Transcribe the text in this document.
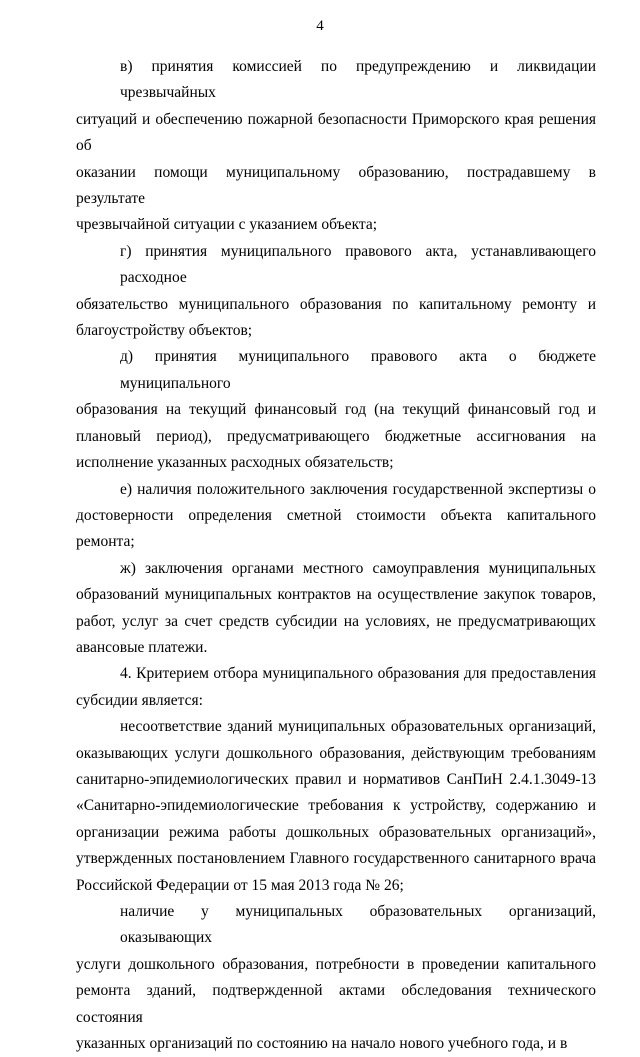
4

в) принятия комиссией по предупреждению и ликвидации чрезвычайных
ситуаций и обеспечению пожарной безопасности Приморского края решения об
оказании помощи муниципальному образованию, пострадавшему в результате
чрезвычайной ситуации с указанием объекта;

г) принятия муниципального правового акта, устанавливающего расходное
обязательство муниципального образования по капитальному ремонту и
благоустройству объектов;

д) принятия муниципального правового акта о бюджете муниципального
образования на текущий финансовый год (на текущий финансовый год и
плановый период), предусматривающего бюджетные ассигнования на
исполнение указанных расходных обязательств;

е) наличия положительного заключения государственной экспертизы о
достоверности определения сметной стоимости объекта капитального ремонта;

ж) заключения органами местного самоуправления муниципальных
образований муниципальных контрактов на осуществление закупок товаров,
работ, услуг за счет средств субсидии на условиях, не предусматривающих
авансовые платежи.

4. Критерием отбора муниципального образования для предоставления
субсидии является:

несоответствие зданий муниципальных образовательных организаций,
оказывающих услуги дошкольного образования, действующим требованиям
санитарно-эпидемиологических правил и нормативов СанПиН 2.4.1.3049-13
«Санитарно-эпидемиологические требования к устройству, содержанию и
организации режима работы дошкольных образовательных организаций»,
утвержденных постановлением Главного государственного санитарного врача
Российской Федерации от 15 мая 2013 года № 26;

наличие у муниципальных образовательных организаций, оказывающих
услуги дошкольного образования, потребности в проведении капитального
ремонта зданий, подтвержденной актами обследования технического состояния
указанных организаций по состоянию на начало нового учебного года, и в
